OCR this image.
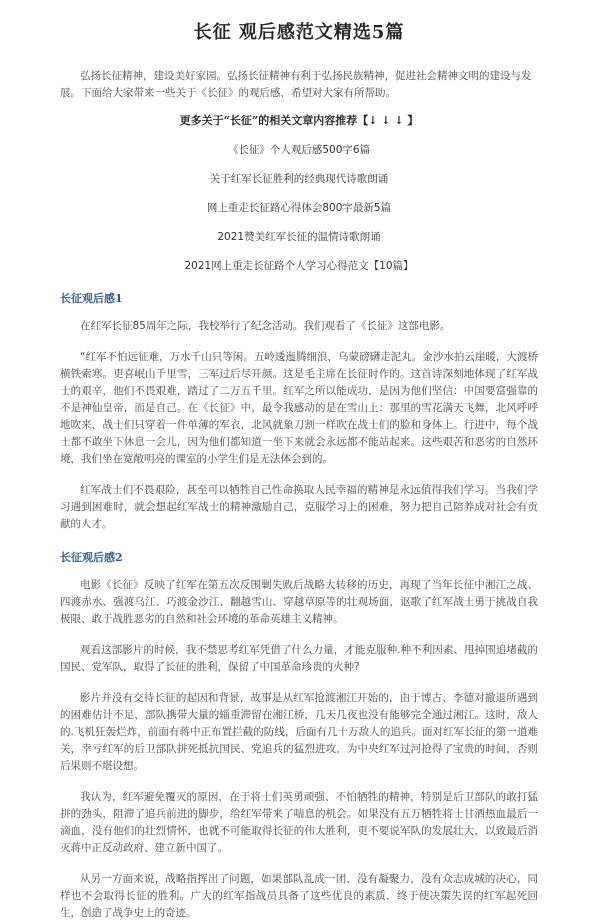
长征 观后感范文精选5篇

弘扬长征精神，建设美好家园。弘扬长征精神有利于弘扬民族精神，促进社会精神文明的建设与发展。下面给大家带来一些关于《长征》的观后感，希望对大家有所帮助。

更多关于“长征”的相关文章内容推荐【↓ ↓ ↓ 】
《长征》个人观后感500字6篇
关于红军长征胜利的经典现代诗歌朗诵
网上重走长征路心得体会800字最新5篇
2021赞美红军长征的温情诗歌朗诵
2021网上重走长征路个人学习心得范文【10篇】
长征观后感1

在红军长征85周年之际，我校举行了纪念活动。我们观看了《长征》这部电影。

“红军不怕远征难，万水千山只等闲。五岭逶迤腾细浪，乌蒙磅礴走泥丸。金沙水拍云崖暖，大渡桥横铁索寒。更喜岷山千里雪，三军过后尽开颜。这是毛主席在长征时作的。这首诗深刻地体现了红军战士的艰辛，他们不畏艰难，踏过了二万五千里。红军之所以能成功，是因为他们坚信：中国要富强靠的不是神仙皇帝，而是自己。在《长征》中，最令我感动的是在雪山上：那里的雪花满天飞舞，北风呼呼地吹来，战士们只穿着一件单薄的军衣，北风就象刀割一样吹在战士们的脸和身体上。行进中，每个战士都不敢坐下休息一会儿，因为他们都知道一坐下来就会永远都不能站起来。这些艰苦和恶劣的自然环境，我们坐在宽敞明亮的课室的小学生们是无法体会到的。

红军战士们不畏艰险，甚至可以牺牲自己性命换取人民幸福的精神是永远值得我们学习。当我们学习遇到困难时，就会想起红军战士的精神激励自己，克服学习上的困难，努力把自己陪养成对社会有贡献的人才。

长征观后感2

电影《长征》反映了红军在第五次反围剿失败后战略大转移的历史，再现了当年长征中湘江之战、四渡赤水、强渡乌江、巧渡金沙江、翻越雪山、穿越草原等的壮观场面，讴歌了红军战士勇于挑战自我极限、敢于战胜恶劣的自然和社会环境的革命英雄主义精神。

观看这部影片的时候，我不禁思考红军凭借了什么力量，才能克服种.种不利因素、甩掉围追堵截的国民、党军队，取得了长征的胜利，保留了中国革命珍贵的火种?

影片并没有交待长征的起因和背景，故事是从红军抢渡湘江开始的，由于博古、李德对撤退所遇到的困难估计不足，部队携带大量的辎重滞留在湘江桥，几天几夜也没有能够完全通过湘江。这时，敌人的.飞机狂轰烂炸，前面有蒋中正布置拦截的防线，后面有几十万敌人的追兵。面对红军长征的第一道难关，幸亏红军的后卫部队拼死抵抗国民、党追兵的猛烈进攻，为中央红军过河抢得了宝贵的时间，否则后果则不堪设想。

我认为，红军避免覆灭的原因，在于将士们英勇顽强、不怕牺牲的精神，特别是后卫部队的敢打猛拼的劲头，阻滞了追兵前进的脚步，给红军带来了喘息的机会。如果没有五万牺牲将士甘洒热血最后一滴血，没有他们的壮烈情怀，也就不可能取得长征的伟大胜利，更不要说军队的发展壮大，以致最后消灭蒋中正反动政府、建立新中国了。

从另一方面来说，战略指挥出了问题，如果部队乱成一团，没有凝聚力，没有众志成城的决心，同样也不会取得长征的胜利。广大的红军指战员具备了这些优良的素质，终于使决策失误的红军起死回生，创造了战争史上的奇迹。
